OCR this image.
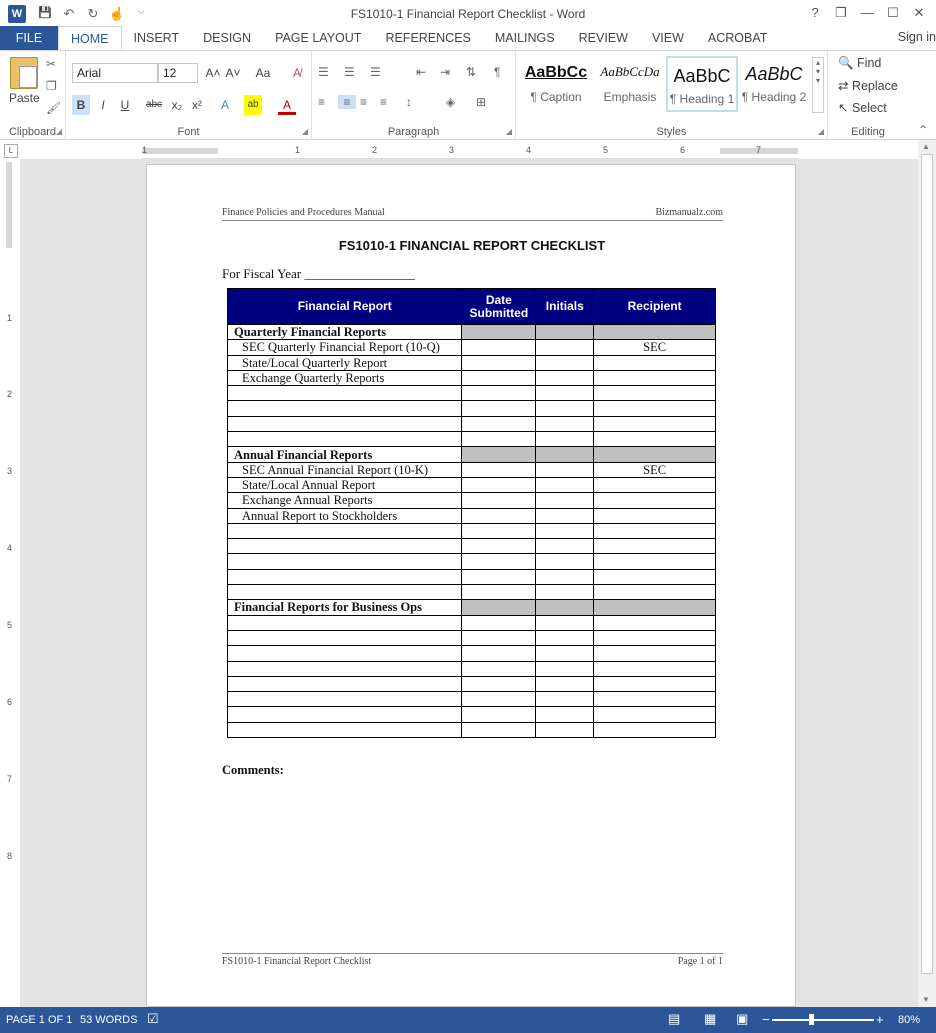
W	💾 ↶ ↻ ☝	⌵	FS1010-1 Financial Report Checklist - Word	?	❐	—	☐	✕
FILE	HOME	INSERT	DESIGN	PAGE LAYOUT	REFERENCES	MAILINGS	REVIEW	VIEW	ACROBAT	Sign in
Paste
✂
❐
🖌
Clipboard ◢
Arial	12	A˄ A˅	Aa	A̸
B	I	U	abc x₂ x²	A	ab	A
Font	◢
☰ ☰ ☰	⇤ ⇥ ⇅ ¶
≡	≡ ≡ ≡ ↕	◈ ⊞
Paragraph	◢
AaBbCc
¶ Caption
AaBbCcDa
Emphasis
AaBbC
¶ Heading 1
AaBbC
¶ Heading 2
▴
▾
▾
Styles	◢
🔍 Find
⇄ Replace
↖ Select
Editing	⌃
L	1	1	2	3	4	5	6	7
1
2
3
4
5
6
7
8
▲
▼
Finance Policies and Procedures Manual	Bizmanualz.com
FS1010-1 FINANCIAL REPORT CHECKLIST
For Fiscal Year _________________
Financial Report	Date Submitted	Initials	Recipient
Quarterly Financial Reports			
SEC Quarterly Financial Report (10-Q)			SEC
State/Local Quarterly Report			
Exchange Quarterly Reports			

Annual Financial Reports			
SEC Annual Financial Report (10-K)			SEC
State/Local Annual Report			
Exchange Annual Reports			
Annual Report to Stockholders			

Financial Reports for Business Ops			

Comments:
FS1010-1 Financial Report Checklist	Page 1 of 1
PAGE 1 OF 1 53 WORDS ☑	▤ ▦ ▣ −	+ 80%
